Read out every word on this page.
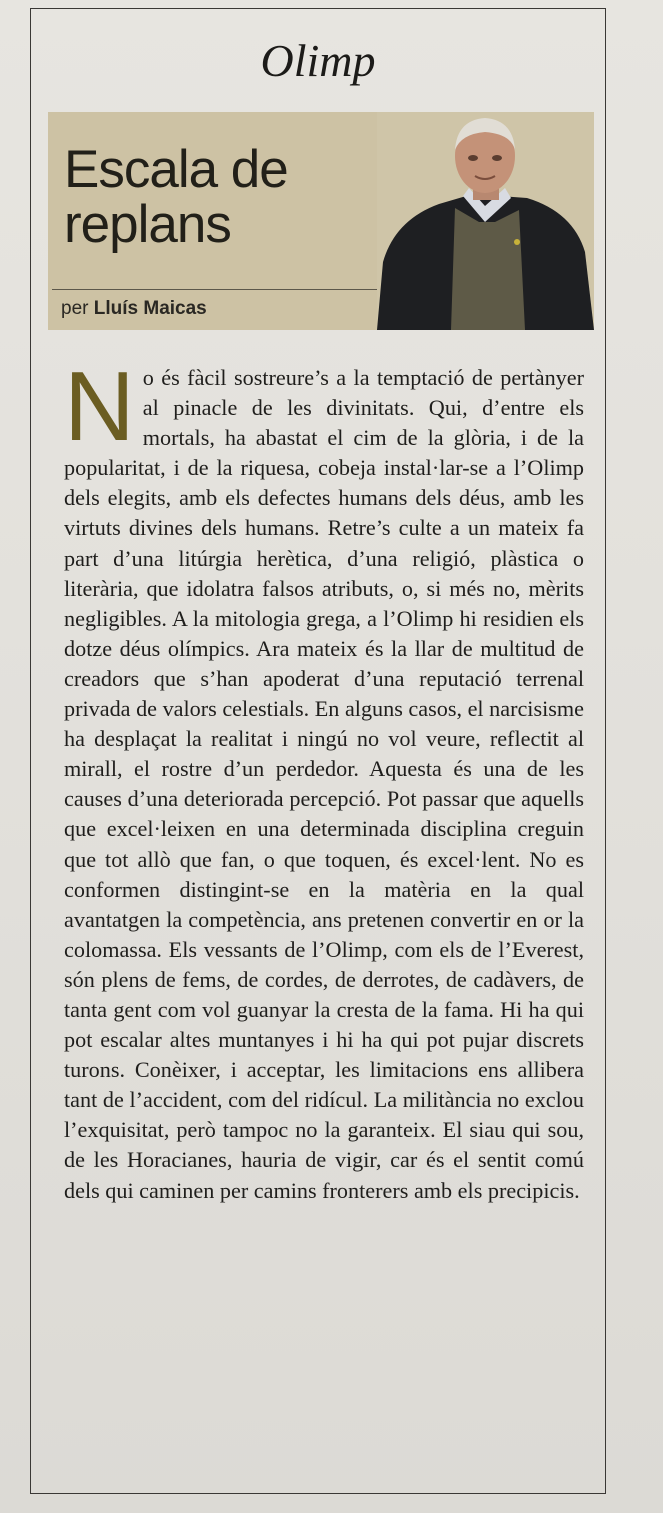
Olimp
Escala de replans
per Lluís Maicas
N o és fàcil sostreure’s a la temptació de pertànyer al pinacle de les divinitats. Qui, d’entre els mortals, ha abastat el cim de la glòria, i de la popularitat, i de la riquesa, cobeja instal·lar-se a l’Olimp dels elegits, amb els defectes humans dels déus, amb les virtuts divines dels humans. Retre’s culte a un mateix fa part d’una litúrgia herètica, d’una religió, plàstica o literària, que idolatra falsos atributs, o, si més no, mèrits negligibles. A la mitologia grega, a l’Olimp hi residien els dotze déus olímpics. Ara mateix és la llar de multitud de creadors que s’han apoderat d’una reputació terrenal privada de valors celestials. En alguns casos, el narcisisme ha desplaçat la realitat i ningú no vol veure, reflectit al mirall, el rostre d’un perdedor. Aquesta és una de les causes d’una deteriorada percepció. Pot passar que aquells que excel·leixen en una determinada disciplina creguin que tot allò que fan, o que toquen, és excel·lent. No es conformen distingint-se en la matèria en la qual avantatgen la competència, ans pretenen convertir en or la colomassa. Els vessants de l’Olimp, com els de l’Everest, són plens de fems, de cordes, de derrotes, de cadàvers, de tanta gent com vol guanyar la cresta de la fama. Hi ha qui pot escalar altes muntanyes i hi ha qui pot pujar discrets turons. Conèixer, i acceptar, les limitacions ens allibera tant de l’accident, com del ridícul. La militància no exclou l’exquisitat, però tampoc no la garanteix. El siau qui sou, de les Horacianes, hauria de vigir, car és el sentit comú dels qui caminen per camins fronterers amb els precipicis.
